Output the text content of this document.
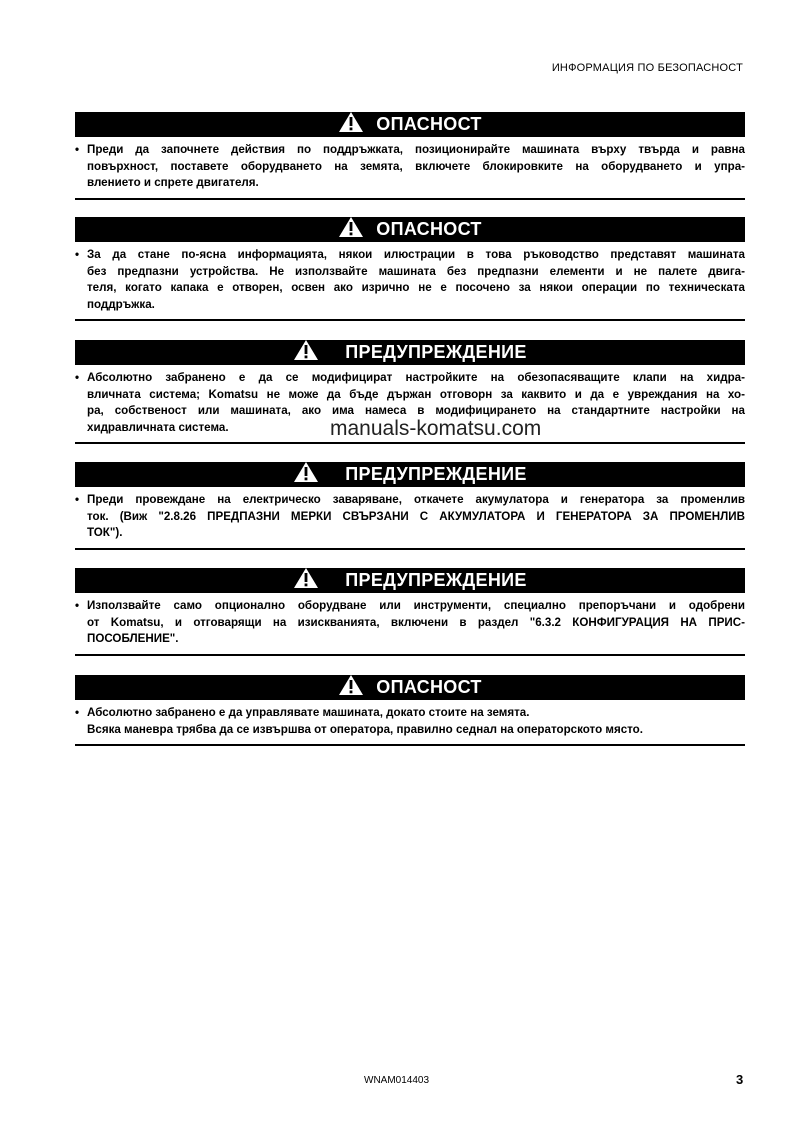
ИНФОРМАЦИЯ ПО БЕЗОПАСНОСТ
ОПАСНОСТ
• Преди да започнете действия по поддръжката, позиционирайте машината върху твърда и равна
повърхност, поставете оборудването на земята, включете блокировките на оборудването и упра-
влението и спрете двигателя.
ОПАСНОСТ
• За да стане по-ясна информацията, някои илюстрации в това ръководство представят машината
без предпазни устройства. Не използвайте машината без предпазни елементи и не палете двига-
теля, когато капака е отворен, освен ако изрично не е посочено за някои операции по техническата
поддръжка.
ПРЕДУПРЕЖДЕНИЕ
• Абсолютно забранено е да се модифицират настройките на обезопасяващите клапи на хидра-
вличната система; Komatsu не може да бъде държан отговорн за каквито и да е увреждания на хо-
ра, собственост или машината, ако има намеса в модифицирането на стандартните настройки на
хидравличната система.
ПРЕДУПРЕЖДЕНИЕ
• Преди провеждане на електрическо заваряване, откачете акумулатора и генератора за променлив
ток. (Виж "2.8.26 ПРЕДПАЗНИ МЕРКИ СВЪРЗАНИ С АКУМУЛАТОРА И ГЕНЕРАТОРА ЗА ПРОМЕНЛИВ
ТОК").
ПРЕДУПРЕЖДЕНИЕ
• Използвайте само опционално оборудване или инструменти, специално препоръчани и одобрени
от Komatsu, и отговарящи на изискванията, включени в раздел "6.3.2 КОНФИГУРАЦИЯ НА ПРИС-
ПОСОБЛЕНИЕ".
ОПАСНОСТ
• Абсолютно забранено е да управлявате машината, докато стоите на земята.
Всяка маневра трябва да се извършва от оператора, правилно седнал на операторското място.
manuals-komatsu.com
WNAM014403	3
